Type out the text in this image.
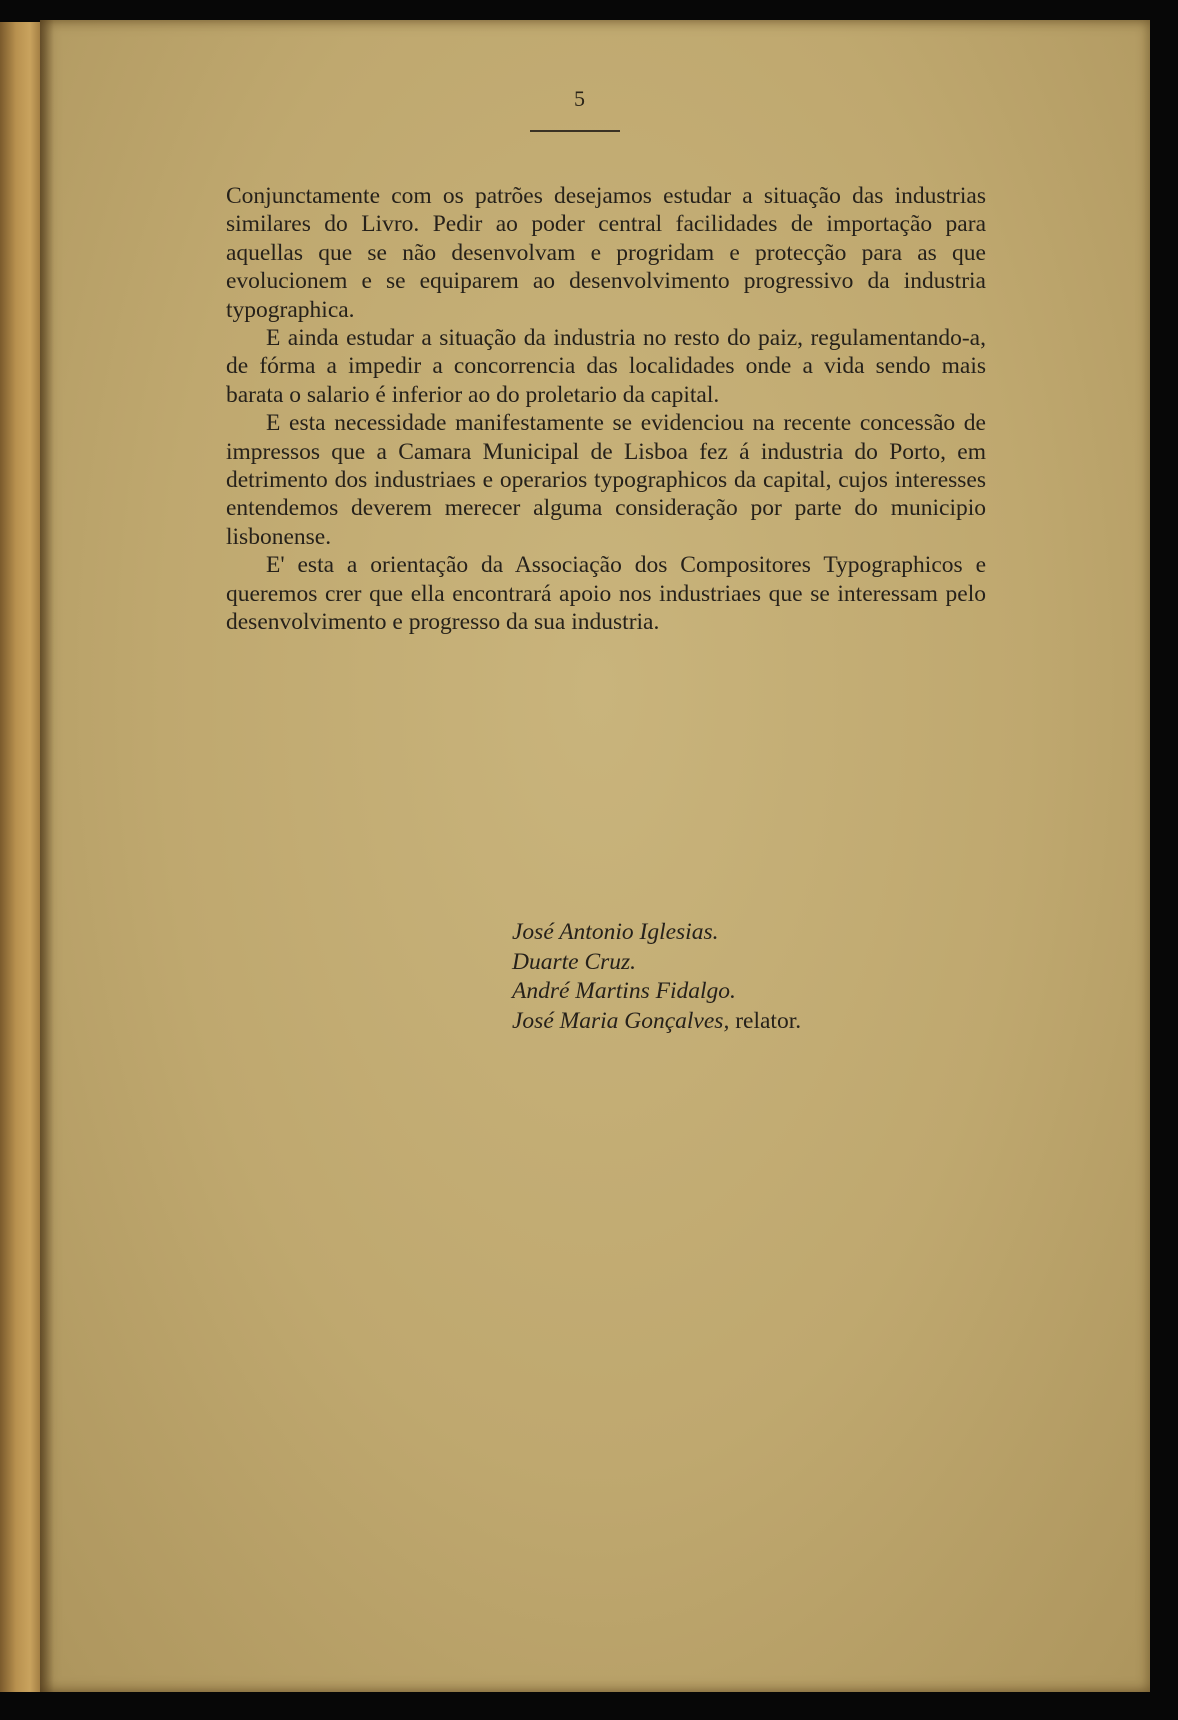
5

Conjunctamente com os patrões desejamos estudar a situação das industrias similares do Livro. Pedir ao poder central facilidades de importação para aquellas que se não desenvolvam e progridam e protecção para as que evolucionem e se equiparem ao desenvolvimento progressivo da industria typographica.

E ainda estudar a situação da industria no resto do paiz, regulamentando-a, de fórma a impedir a concorrencia das localidades onde a vida sendo mais barata o salario é inferior ao do proletario da capital.

E esta necessidade manifestamente se evidenciou na recente concessão de impressos que a Camara Municipal de Lisboa fez á industria do Porto, em detrimento dos industriaes e operarios typographicos da capital, cujos interesses entendemos deverem merecer alguma consideração por parte do municipio lisbonense.

E' esta a orientação da Associação dos Compositores Typographicos e queremos crer que ella encontrará apoio nos industriaes que se interessam pelo desenvolvimento e progresso da sua industria.

José Antonio Iglesias.
Duarte Cruz.
André Martins Fidalgo.
José Maria Gonçalves, relator.
